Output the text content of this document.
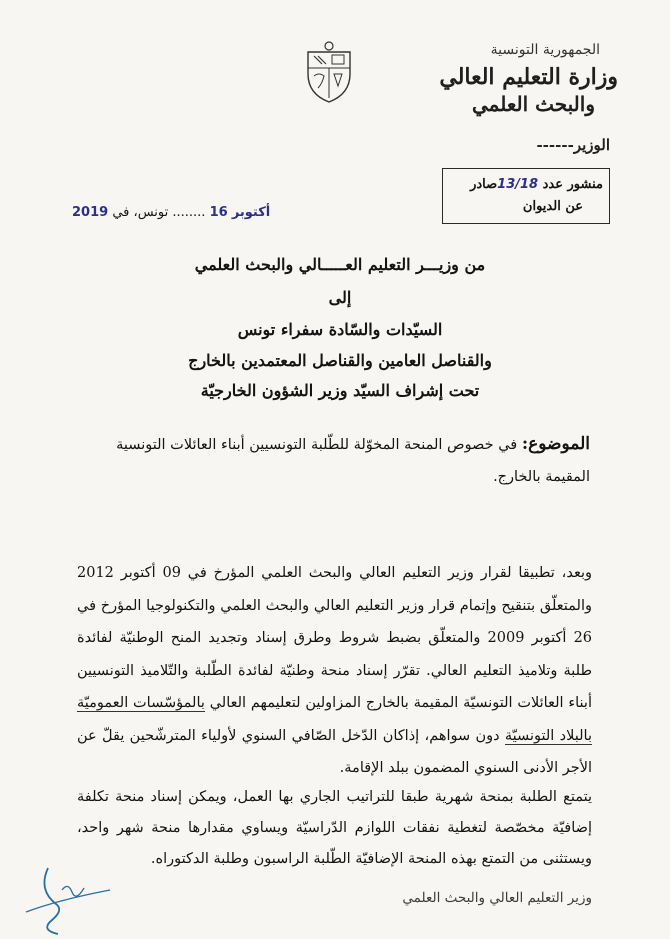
الجمهورية التونسية
وزارة التعليم العالي
والبحث العلمي
الوزير------
منشور عدد 13/18صادر
عن الديوان
2019	أكتوبر 16 ........ تونس، في
من وزيـــر التعليم العـــــالي والبحث العلمي
إلى
السيّدات والسّادة سفراء تونس
والقناصل العامين والقناصل المعتمدين بالخارج
تحت إشراف السيّد وزير الشؤون الخارجيّة
الموضوع: في خصوص المنحة المخوّلة للطّلبة التونسيين أبناء العائلات التونسية المقيمة بالخارج.
وبعد، تطبيقا لقرار وزير التعليم العالي والبحث العلمي المؤرخ في 09 أكتوبر 2012 والمتعلّق بتنقيح وإتمام قرار وزير التعليم العالي والبحث العلمي والتكنولوجيا المؤرخ في 26 أكتوبر 2009 والمتعلّق بضبط شروط وطرق إسناد وتجديد المنح الوطنيّة لفائدة طلبة وتلاميذ التعليم العالي. تقرّر إسناد منحة وطنيّة لفائدة الطّلبة والتّلاميذ التونسيين أبناء العائلات التونسيّة المقيمة بالخارج المزاولين لتعليمهم العالي بالمؤسّسات العموميّة بالبلاد التونسيّة دون سواهم، إذاكان الدّخل الصّافي السنوي لأولياء المترشّحين يقلّ عن الأجر الأدنى السنوي المضمون ببلد الإقامة.
يتمتع الطلبة بمنحة شهرية طبقا للتراتيب الجاري بها العمل، ويمكن إسناد منحة تكلفة إضافيّة مخصّصة لتغطية نفقات اللوازم الدّراسيّة ويساوي مقدارها منحة شهر واحد، ويستثنى من التمتع بهذه المنحة الإضافيّة الطّلبة الراسبون وطلبة الدكتوراه.
وزير التعليم العالي والبحث العلمي
